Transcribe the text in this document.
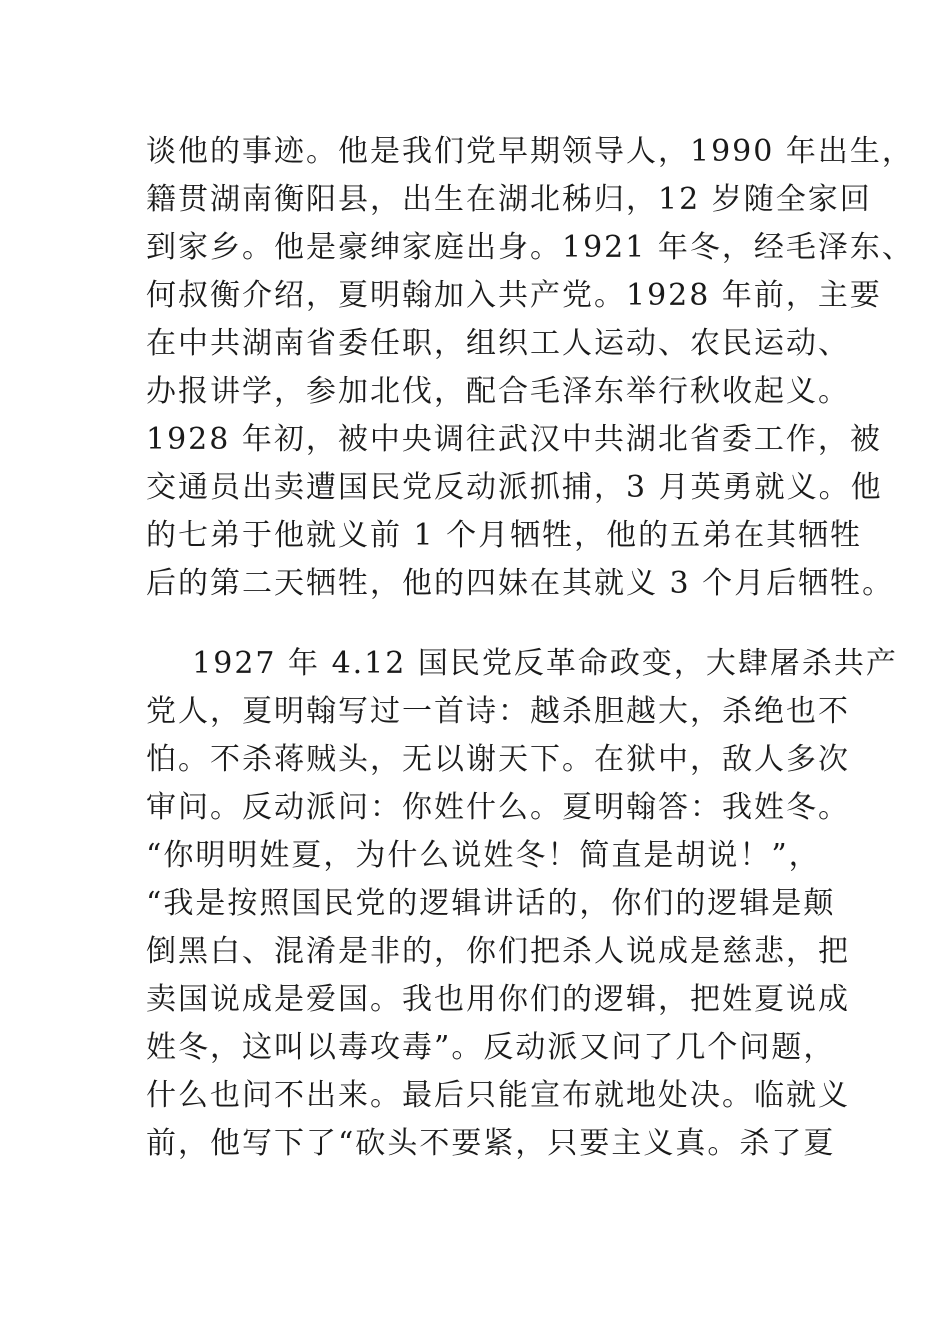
谈他的事迹。他是我们党早期领导人，1990 年出生，
籍贯湖南衡阳县，出生在湖北秭归，12 岁随全家回
到家乡。他是豪绅家庭出身。1921 年冬，经毛泽东、
何叔衡介绍，夏明翰加入共产党。1928 年前，主要
在中共湖南省委任职，组织工人运动、农民运动、
办报讲学，参加北伐，配合毛泽东举行秋收起义。
1928 年初，被中央调往武汉中共湖北省委工作，被
交通员出卖遭国民党反动派抓捕，3 月英勇就义。他
的七弟于他就义前 1 个月牺牲，他的五弟在其牺牲
后的第二天牺牲，他的四妹在其就义 3 个月后牺牲。
1927 年 4.12 国民党反革命政变，大肆屠杀共产
党人，夏明翰写过一首诗：越杀胆越大，杀绝也不
怕。不杀蒋贼头，无以谢天下。在狱中，敌人多次
审问。反动派问：你姓什么。夏明翰答：我姓冬。
“你明明姓夏，为什么说姓冬！简直是胡说！”，
“我是按照国民党的逻辑讲话的，你们的逻辑是颠
倒黑白、混淆是非的，你们把杀人说成是慈悲，把
卖国说成是爱国。我也用你们的逻辑，把姓夏说成
姓冬，这叫以毒攻毒”。反动派又问了几个问题，
什么也问不出来。最后只能宣布就地处决。临就义
前，他写下了“砍头不要紧，只要主义真。杀了夏
